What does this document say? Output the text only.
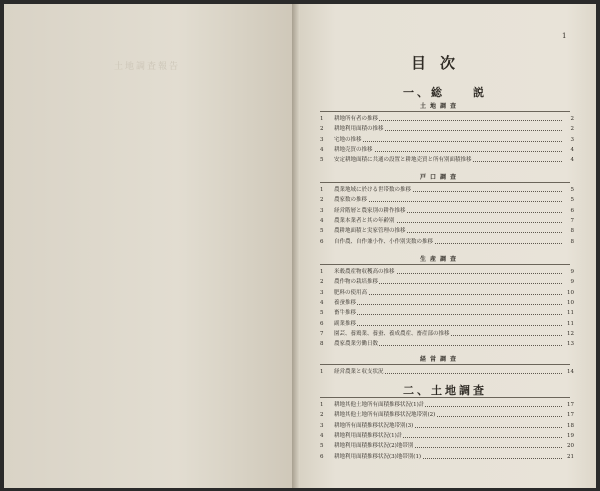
土地調査報告
1
目次
一、総　　説
土地調査
1	耕地所有者の推移	2
2	耕地利用面積の推移	2
3	宅地の推移	3
4	耕地売買の推移	4
5	安定耕地面積に共通の設置と耕地売買と所有別面積推移	4
戸口調査
1	農業地域に於ける世帯数の推移	5
2	農家数の推移	5
3	経営階層と農家別の耕作推移	6
4	農業本業者と其の年齢別	7
5	農耕地面積と実家管理の推移	8
6	自作農、自作兼小作、小作別実数の推移	8
生産調査
1	米穀農産物収穫高の推移	9
2	農作物の栽培推移	9
3	肥料の使用高	10
4	養蚕推移	10
5	畜牛推移	11
6	副業推移	11
7	園芸、養鶏業、養蚕、養成農産、畜産部の推移	12
8	農家農業労働日数	13
経営調査
1	経営農業と収支状況	14
二、土地調査
1	耕地其他土地所有面積推移状況(1)計	17
2	耕地其他土地所有面積推移状況地帯別(2)	17
3	耕地所有面積推移状況地帯別(3)	18
4	耕地利用面積推移状況(1)計	19
5	耕地利用面積推移状況(2)地帯別	20
6	耕地利用面積推移状況(3)地帯別(1)	21
